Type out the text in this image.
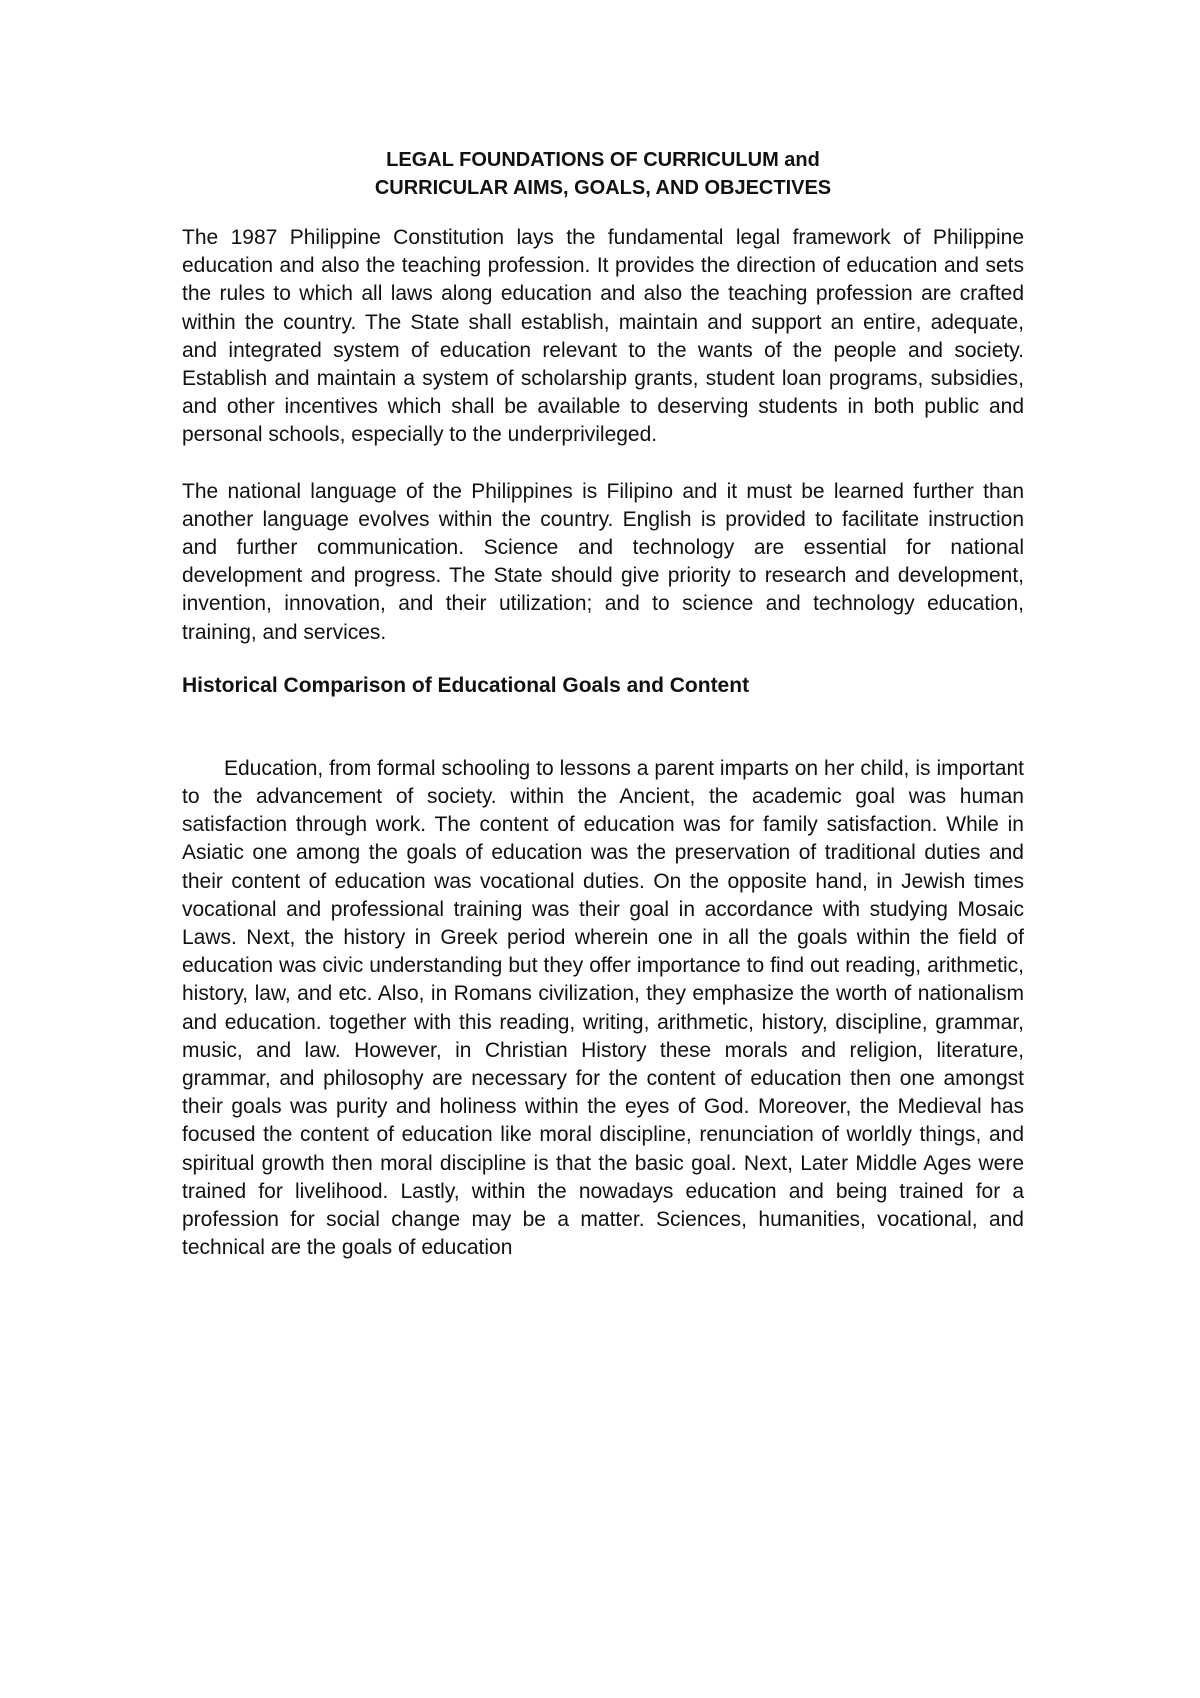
LEGAL FOUNDATIONS OF CURRICULUM and
CURRICULAR AIMS, GOALS, AND OBJECTIVES

The 1987 Philippine Constitution lays the fundamental legal framework of Philippine education and also the teaching profession. It provides the direction of education and sets the rules to which all laws along education and also the teaching profession are crafted within the country. The State shall establish, maintain and support an entire, adequate, and integrated system of education relevant to the wants of the people and society. Establish and maintain a system of scholarship grants, student loan programs, subsidies, and other incentives which shall be available to deserving students in both public and personal schools, especially to the underprivileged.

The national language of the Philippines is Filipino and it must be learned further than another language evolves within the country. English is provided to facilitate instruction and further communication. Science and technology are essential for national development and progress. The State should give priority to research and development, invention, innovation, and their utilization; and to science and technology education, training, and services.

Historical Comparison of Educational Goals and Content

Education, from formal schooling to lessons a parent imparts on her child, is important to the advancement of society. within the Ancient, the academic goal was human satisfaction through work. The content of education was for family satisfaction. While in Asiatic one among the goals of education was the preservation of traditional duties and their content of education was vocational duties. On the opposite hand, in Jewish times vocational and professional training was their goal in accordance with studying Mosaic Laws. Next, the history in Greek period wherein one in all the goals within the field of education was civic understanding but they offer importance to find out reading, arithmetic, history, law, and etc. Also, in Romans civilization, they emphasize the worth of nationalism and education. together with this reading, writing, arithmetic, history, discipline, grammar, music, and law. However, in Christian History these morals and religion, literature, grammar, and philosophy are necessary for the content of education then one amongst their goals was purity and holiness within the eyes of God. Moreover, the Medieval has focused the content of education like moral discipline, renunciation of worldly things, and spiritual growth then moral discipline is that the basic goal. Next, Later Middle Ages were trained for livelihood. Lastly, within the nowadays education and being trained for a profession for social change may be a matter. Sciences, humanities, vocational, and technical are the goals of education
